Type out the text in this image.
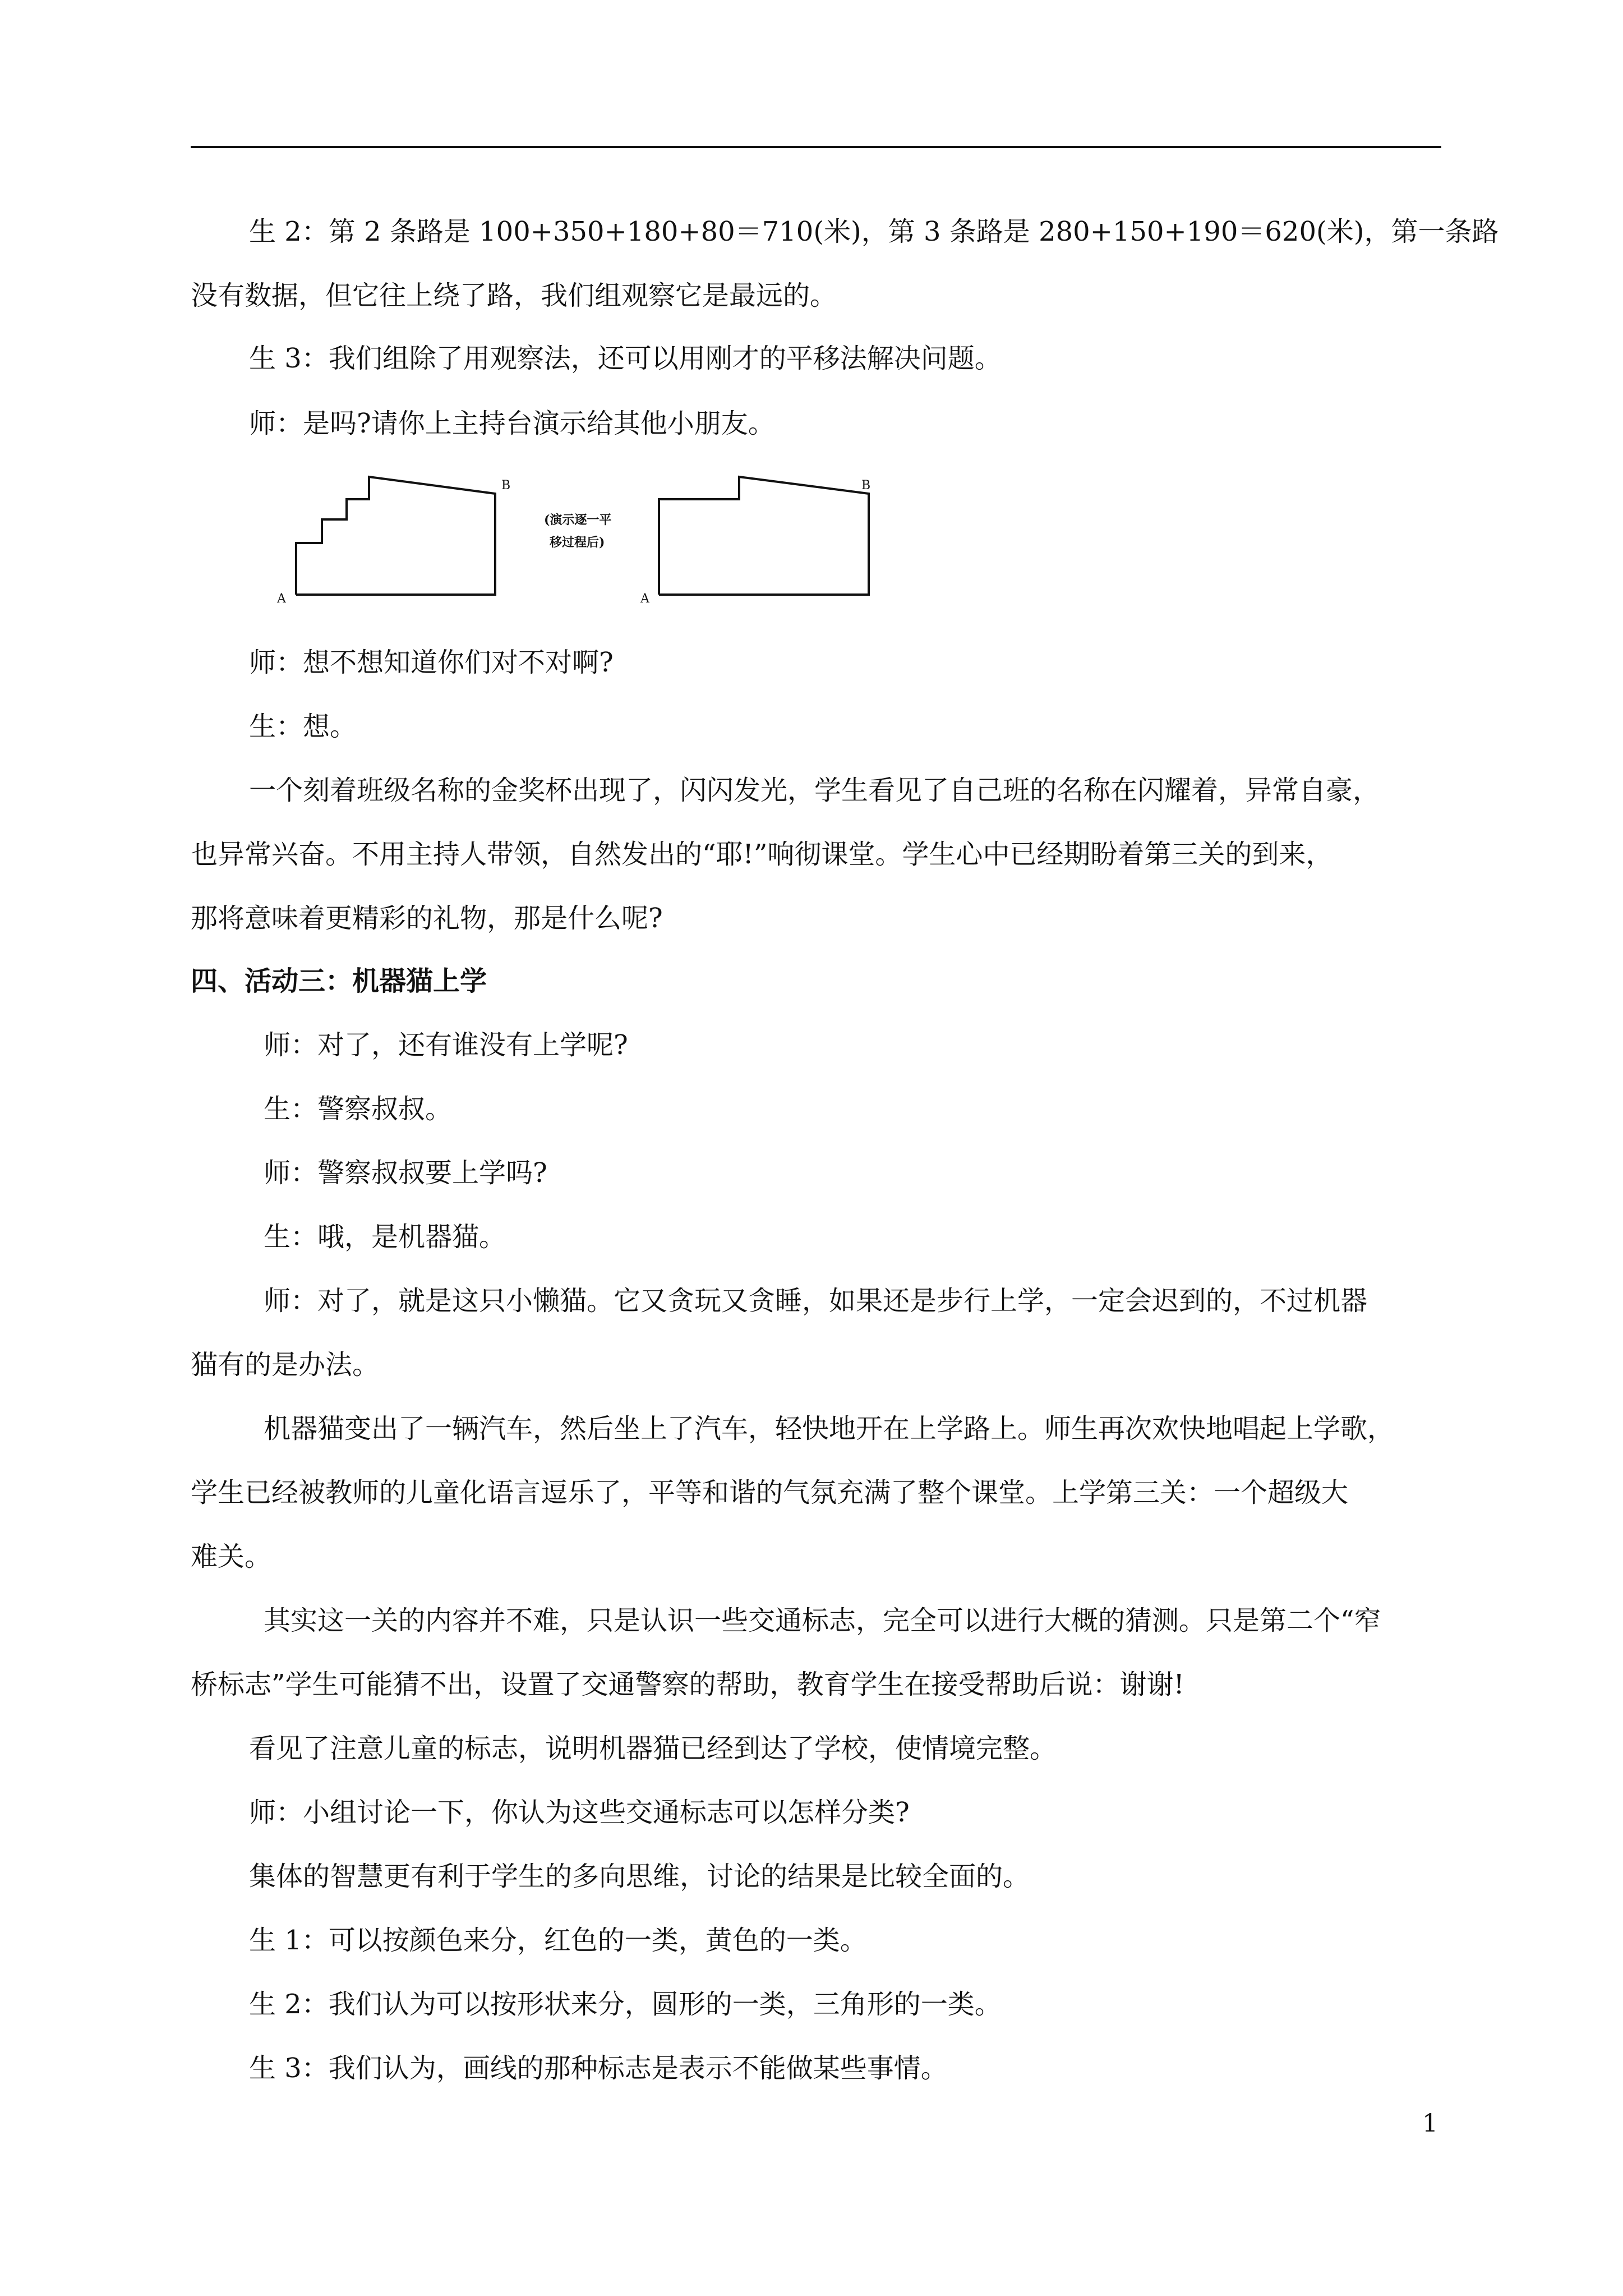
生 2：第 2 条路是 100+350+180+80＝710(米)，第 3 条路是 280+150+190＝620(米)，第一条路

没有数据，但它往上绕了路，我们组观察它是最远的。

生 3：我们组除了用观察法，还可以用刚才的平移法解决问题。

师：是吗?请你上主持台演示给其他小朋友。

A
B
(演示逐一平
移过程后)
A
B

师：想不想知道你们对不对啊?

生：想。

一个刻着班级名称的金奖杯出现了，闪闪发光，学生看见了自己班的名称在闪耀着，异常自豪，

也异常兴奋。不用主持人带领，自然发出的“耶!”响彻课堂。学生心中已经期盼着第三关的到来，

那将意味着更精彩的礼物，那是什么呢?

四、活动三：机器猫上学

师：对了，还有谁没有上学呢?

生：警察叔叔。

师：警察叔叔要上学吗?

生：哦，是机器猫。

师：对了，就是这只小懒猫。它又贪玩又贪睡，如果还是步行上学，一定会迟到的，不过机器

猫有的是办法。

机器猫变出了一辆汽车，然后坐上了汽车，轻快地开在上学路上。师生再次欢快地唱起上学歌，

学生已经被教师的儿童化语言逗乐了，平等和谐的气氛充满了整个课堂。上学第三关：一个超级大

难关。

其实这一关的内容并不难，只是认识一些交通标志，完全可以进行大概的猜测。只是第二个“窄

桥标志”学生可能猜不出，设置了交通警察的帮助，教育学生在接受帮助后说：谢谢!

看见了注意儿童的标志，说明机器猫已经到达了学校，使情境完整。

师：小组讨论一下，你认为这些交通标志可以怎样分类?

集体的智慧更有利于学生的多向思维，讨论的结果是比较全面的。

生 1：可以按颜色来分，红色的一类，黄色的一类。

生 2：我们认为可以按形状来分，圆形的一类，三角形的一类。

生 3：我们认为，画线的那种标志是表示不能做某些事情。

1
